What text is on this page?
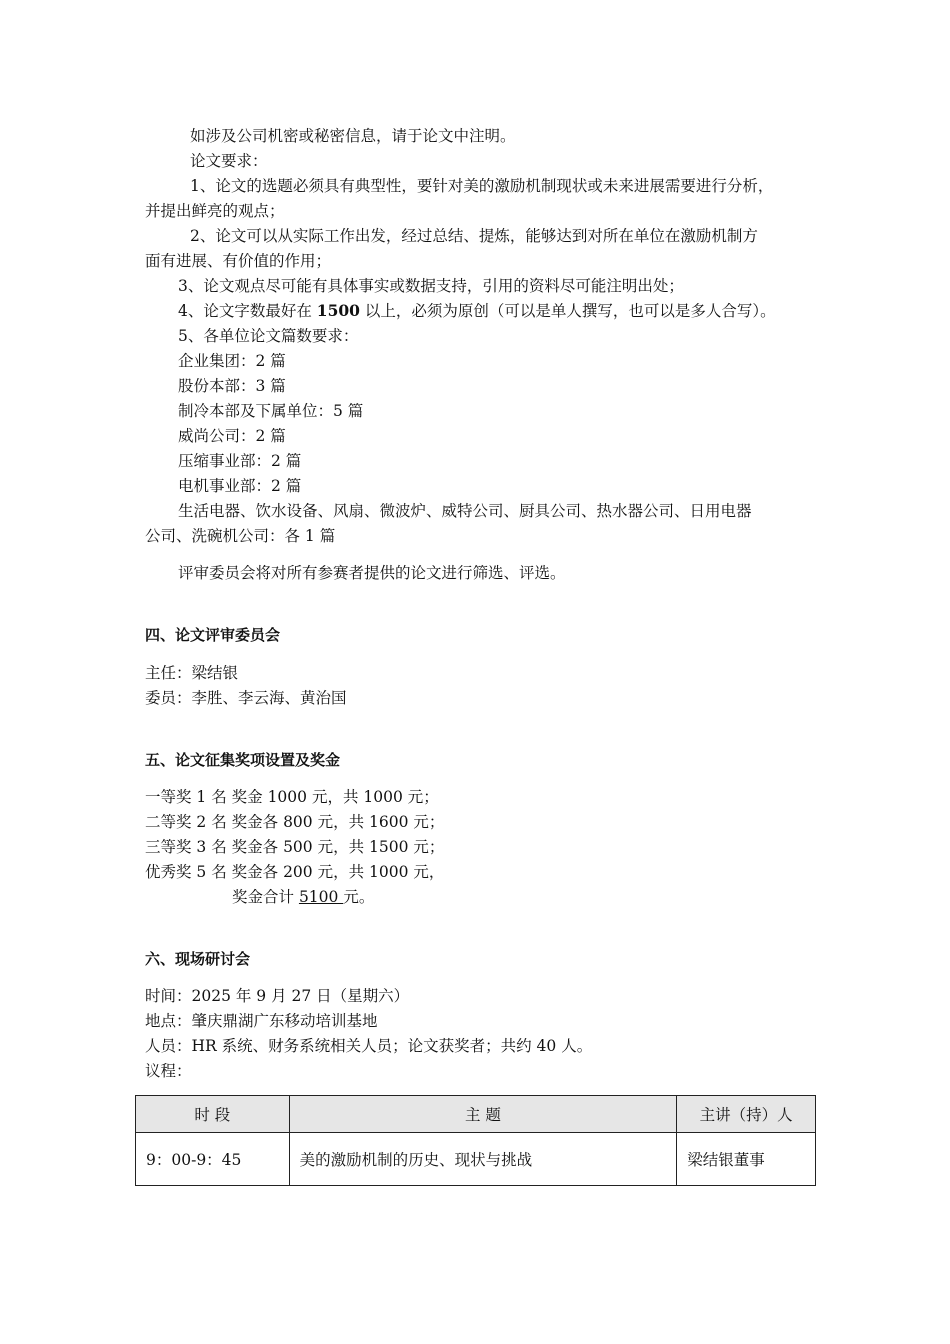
如涉及公司机密或秘密信息，请于论文中注明。
论文要求：
1、论文的选题必须具有典型性，要针对美的激励机制现状或未来进展需要进行分析，
并提出鲜亮的观点；
2、论文可以从实际工作出发，经过总结、提炼，能够达到对所在单位在激励机制方
面有进展、有价值的作用；
3、论文观点尽可能有具体事实或数据支持，引用的资料尽可能注明出处；
4、论文字数最好在 1500 以上，必须为原创（可以是单人撰写，也可以是多人合写）。
5、各单位论文篇数要求：
企业集团：2 篇
股份本部：3 篇
制冷本部及下属单位：5 篇
威尚公司：2 篇
压缩事业部：2 篇
电机事业部：2 篇
生活电器、饮水设备、风扇、微波炉、威特公司、厨具公司、热水器公司、日用电器
公司、洗碗机公司：各 1 篇
评审委员会将对所有参赛者提供的论文进行筛选、评选。
四、论文评审委员会
主任：梁结银
委员：李胜、李云海、黄治国
五、论文征集奖项设置及奖金
一等奖 1 名 奖金 1000 元，共 1000 元；
二等奖 2 名 奖金各 800 元，共 1600 元；
三等奖 3 名 奖金各 500 元，共 1500 元；
优秀奖 5 名 奖金各 200 元，共 1000 元，
奖金合计 5100 元。
六、现场研讨会
时间：2025 年 9 月 27 日（星期六）
地点：肇庆鼎湖广东移动培训基地
人员：HR 系统、财务系统相关人员；论文获奖者；共约 40 人。
议程：
时 段	主 题	主讲（持）人
9：00-9：45	美的激励机制的历史、现状与挑战	梁结银董事
